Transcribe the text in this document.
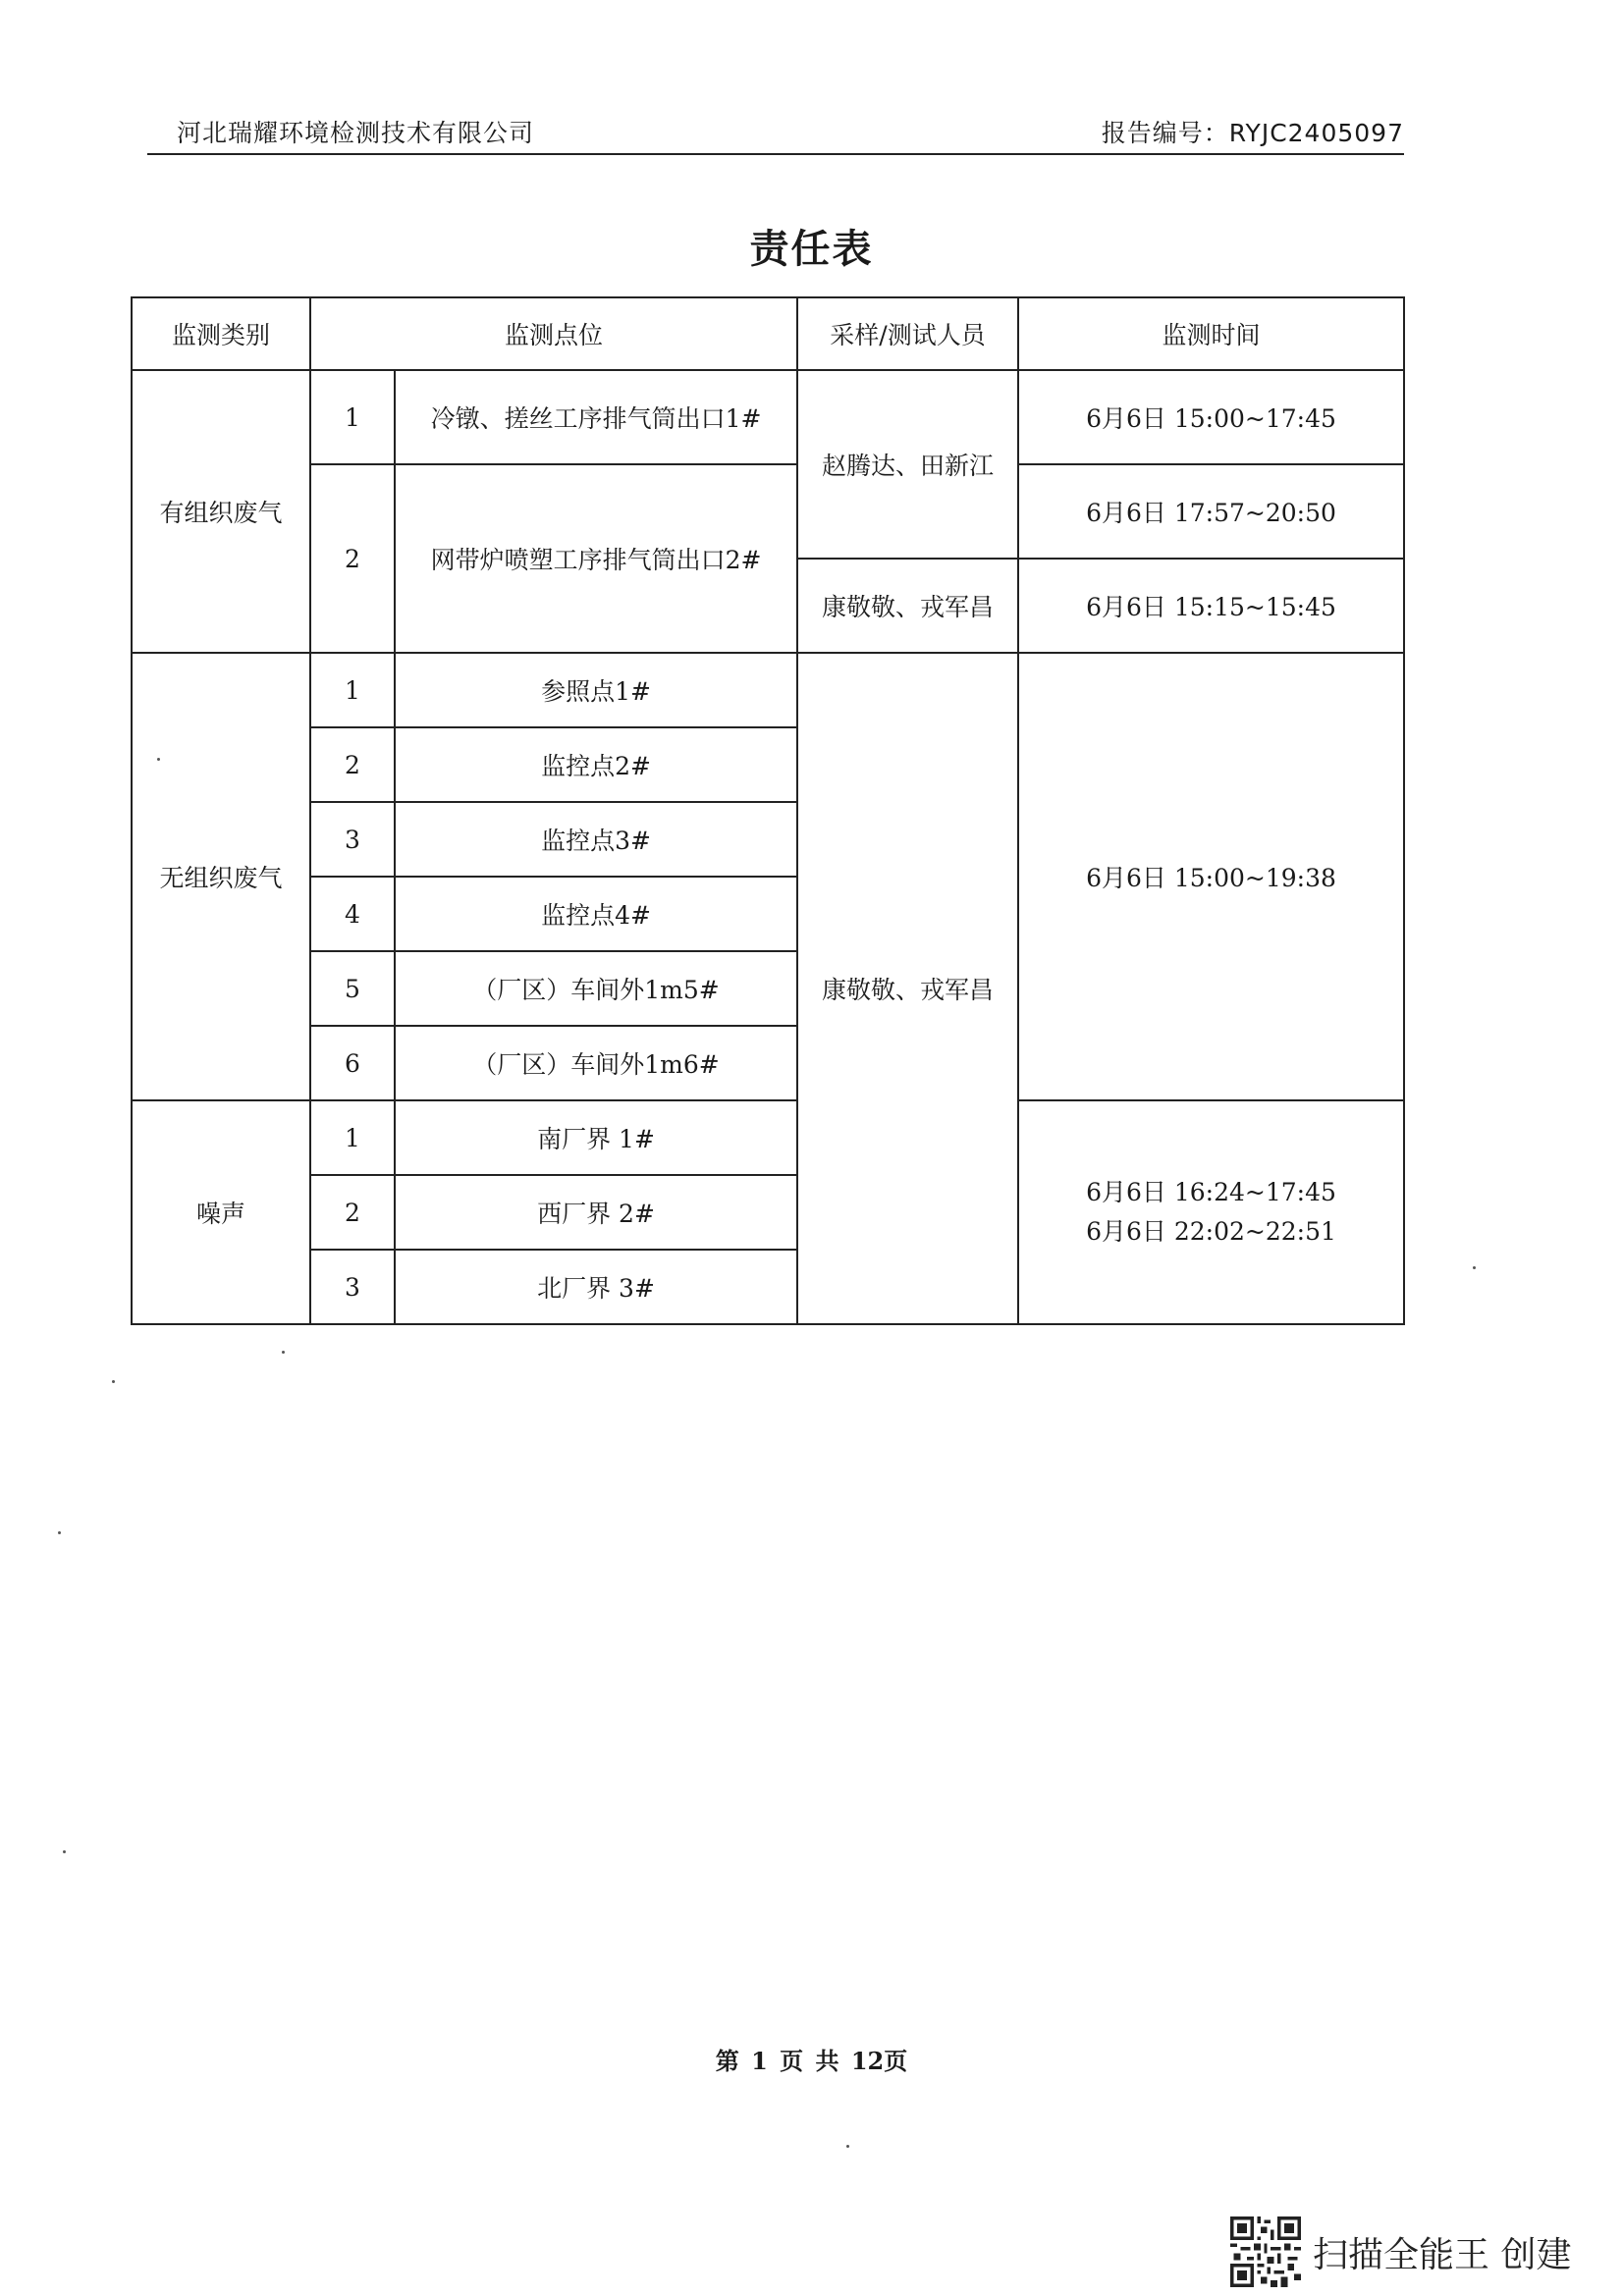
河北瑞耀环境检测技术有限公司	报告编号：RYJC2405097
责任表
监测类别	监测点位		采样/测试人员	监测时间
有组织废气	1	冷镦、搓丝工序排气筒出口1#	赵腾达、田新江	6月6日 15:00~17:45
	2	网带炉喷塑工序排气筒出口2#		6月6日 17:57~20:50
			康敬敬、戎军昌	6月6日 15:15~15:45
无组织废气	1	参照点1#	康敬敬、戎军昌	6月6日 15:00~19:38
	2	监控点2#		
	3	监控点3#		
	4	监控点4#		
	5	（厂区）车间外1m5#		
	6	（厂区）车间外1m6#		
噪声	1	南厂界 1#		6月6日 16:24~17:45
6月6日 22:02~22:51

	2	西厂界 2#		
	3	北厂界 3#		
第 1 页 共 12页
扫描全能王 创建
